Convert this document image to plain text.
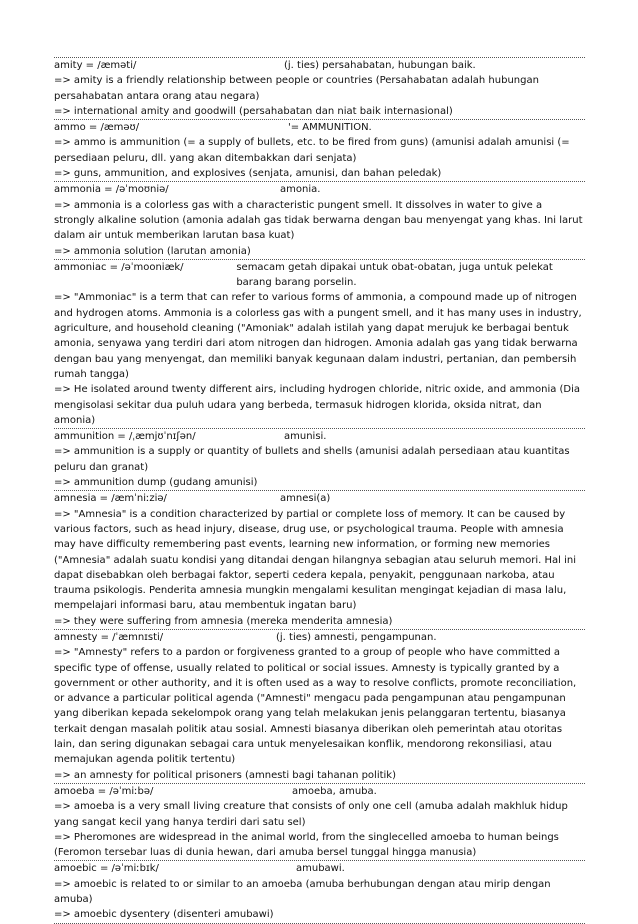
amity = /æməti/	(j. ties) persahabatan, hubungan baik.
=> amity is a friendly relationship between people or countries (Persahabatan adalah hubungan persahabatan antara orang atau negara)
=> international amity and goodwill (persahabatan dan niat baik internasional)
ammo = /æməʊ/	'= AMMUNITION.
=> ammo is ammunition (= a supply of bullets, etc. to be fired from guns) (amunisi adalah amunisi (= persediaan peluru, dll. yang akan ditembakkan dari senjata)
=> guns, ammunition, and explosives (senjata, amunisi, dan bahan peledak)
ammonia = /əˈmoʊniə/	amonia.
=> ammonia is a colorless gas with a characteristic pungent smell. It dissolves in water to give a strongly alkaline solution (amonia adalah gas tidak berwarna dengan bau menyengat yang khas. Ini larut dalam air untuk memberikan larutan basa kuat)
=> ammonia solution (larutan amonia)
ammoniac = /əˈmooniæk/	semacam getah dipakai untuk obat-obatan, juga untuk pelekat barang barang porselin.
=> "Ammoniac" is a term that can refer to various forms of ammonia, a compound made up of nitrogen and hydrogen atoms. Ammonia is a colorless gas with a pungent smell, and it has many uses in industry, agriculture, and household cleaning ("Amoniak" adalah istilah yang dapat merujuk ke berbagai bentuk amonia, senyawa yang terdiri dari atom nitrogen dan hidrogen. Amonia adalah gas yang tidak berwarna dengan bau yang menyengat, dan memiliki banyak kegunaan dalam industri, pertanian, dan pembersih rumah tangga)
=> He isolated around twenty different airs, including hydrogen chloride, nitric oxide, and ammonia (Dia mengisolasi sekitar dua puluh udara yang berbeda, termasuk hidrogen klorida, oksida nitrat, dan amonia)
ammunition = /ˌæmjʊˈnɪʃən/	amunisi.
=> ammunition is a supply or quantity of bullets and shells (amunisi adalah persediaan atau kuantitas peluru dan granat)
=> ammunition dump (gudang amunisi)
amnesia = /æmˈniːziə/	amnesi(a)
=> "Amnesia" is a condition characterized by partial or complete loss of memory. It can be caused by various factors, such as head injury, disease, drug use, or psychological trauma. People with amnesia may have difficulty remembering past events, learning new information, or forming new memories ("Amnesia" adalah suatu kondisi yang ditandai dengan hilangnya sebagian atau seluruh memori. Hal ini dapat disebabkan oleh berbagai faktor, seperti cedera kepala, penyakit, penggunaan narkoba, atau trauma psikologis. Penderita amnesia mungkin mengalami kesulitan mengingat kejadian di masa lalu, mempelajari informasi baru, atau membentuk ingatan baru)
=> they were suffering from amnesia (mereka menderita amnesia)
amnesty = /ˈæmnɪsti/	(j. ties) amnesti, pengampunan.
=> "Amnesty" refers to a pardon or forgiveness granted to a group of people who have committed a specific type of offense, usually related to political or social issues. Amnesty is typically granted by a government or other authority, and it is often used as a way to resolve conflicts, promote reconciliation, or advance a particular political agenda ("Amnesti" mengacu pada pengampunan atau pengampunan yang diberikan kepada sekelompok orang yang telah melakukan jenis pelanggaran tertentu, biasanya terkait dengan masalah politik atau sosial. Amnesti biasanya diberikan oleh pemerintah atau otoritas lain, dan sering digunakan sebagai cara untuk menyelesaikan konflik, mendorong rekonsiliasi, atau memajukan agenda politik tertentu)
=> an amnesty for political prisoners (amnesti bagi tahanan politik)
amoeba = /əˈmiːbə/	amoeba, amuba.
=> amoeba is a very small living creature that consists of only one cell (amuba adalah makhluk hidup yang sangat kecil yang hanya terdiri dari satu sel)
=> Pheromones are widespread in the animal world, from the singlecelled amoeba to human beings (Feromon tersebar luas di dunia hewan, dari amuba bersel tunggal hingga manusia)
amoebic = /əˈmiːbɪk/	amubawi.
=> amoebic is related to or similar to an amoeba (amuba berhubungan dengan atau mirip dengan amuba)
=> amoebic dysentery (disenteri amubawi)
